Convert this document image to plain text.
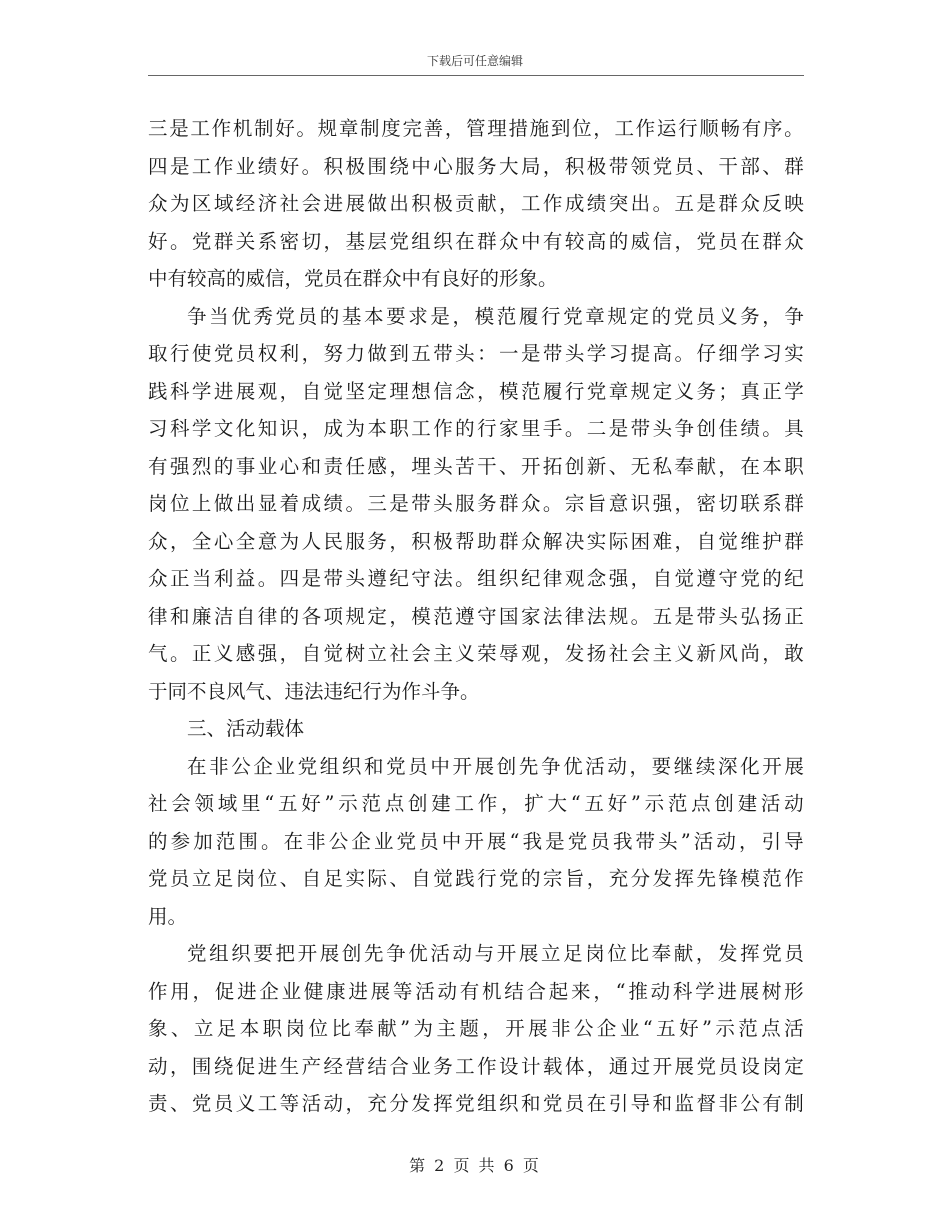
下载后可任意编辑
三 是 工 作 机 制 好 。 规 章 制 度 完 善 ， 管 理 措 施 到 位 ， 工 作 运 行 顺 畅 有 序 。
四 是 工 作 业 绩 好 。 积 极 围 绕 中 心 服 务 大 局 ， 积 极 带 领 党 员 、 干 部 、 群
众 为 区 域 经 济 社 会 进 展 做 出 积 极 贡 献 ， 工 作 成 绩 突 出 。 五 是 群 众 反 映
好 。 党 群 关 系 密 切 ， 基 层 党 组 织 在 群 众 中 有 较 高 的 威 信 ， 党 员 在 群 众
中有较高的威信，党员在群众中有良好的形象。
争 当 优 秀 党 员 的 基 本 要 求 是 ， 模 范 履 行 党 章 规 定 的 党 员 义 务 ， 争
取 行 使 党 员 权 利 ， 努 力 做 到 五 带 头 ： 一 是 带 头 学 习 提 高 。 仔 细 学 习 实
践 科 学 进 展 观 ， 自 觉 坚 定 理 想 信 念 ， 模 范 履 行 党 章 规 定 义 务 ； 真 正 学
习 科 学 文 化 知 识 ， 成 为 本 职 工 作 的 行 家 里 手 。 二 是 带 头 争 创 佳 绩 。 具
有 强 烈 的 事 业 心 和 责 任 感 ， 埋 头 苦 干 、 开 拓 创 新 、 无 私 奉 献 ， 在 本 职
岗 位 上 做 出 显 着 成 绩 。 三 是 带 头 服 务 群 众 。 宗 旨 意 识 强 ， 密 切 联 系 群
众 ， 全 心 全 意 为 人 民 服 务 ， 积 极 帮 助 群 众 解 决 实 际 困 难 ， 自 觉 维 护 群
众 正 当 利 益 。 四 是 带 头 遵 纪 守 法 。 组 织 纪 律 观 念 强 ， 自 觉 遵 守 党 的 纪
律 和 廉 洁 自 律 的 各 项 规 定 ， 模 范 遵 守 国 家 法 律 法 规 。 五 是 带 头 弘 扬 正
气 。 正 义 感 强 ， 自 觉 树 立 社 会 主 义 荣 辱 观 ， 发 扬 社 会 主 义 新 风 尚 ， 敢
于同不良风气、违法违纪行为作斗争。
三、活动载体
在 非 公 企 业 党 组 织 和 党 员 中 开 展 创 先 争 优 活 动 ， 要 继 续 深 化 开 展
社 会 领 域 里 “ 五 好 ” 示 范 点 创 建 工 作 ， 扩 大 “ 五 好 ” 示 范 点 创 建 活 动
的 参 加 范 围 。 在 非 公 企 业 党 员 中 开 展 “ 我 是 党 员 我 带 头 ” 活 动 ， 引 导
党 员 立 足 岗 位 、 自 足 实 际 、 自 觉 践 行 党 的 宗 旨 ， 充 分 发 挥 先 锋 模 范 作
用。
党 组 织 要 把 开 展 创 先 争 优 活 动 与 开 展 立 足 岗 位 比 奉 献 ， 发 挥 党 员
作 用 ， 促 进 企 业 健 康 进 展 等 活 动 有 机 结 合 起 来 ， “ 推 动 科 学 进 展 树 形
象 、 立 足 本 职 岗 位 比 奉 献 ” 为 主 题 ， 开 展 非 公 企 业 “ 五 好 ” 示 范 点 活
动 ， 围 绕 促 进 生 产 经 营 结 合 业 务 工 作 设 计 载 体 ， 通 过 开 展 党 员 设 岗 定
责 、 党 员 义 工 等 活 动 ， 充 分 发 挥 党 组 织 和 党 员 在 引 导 和 监 督 非 公 有 制
第 2 页 共 6 页
